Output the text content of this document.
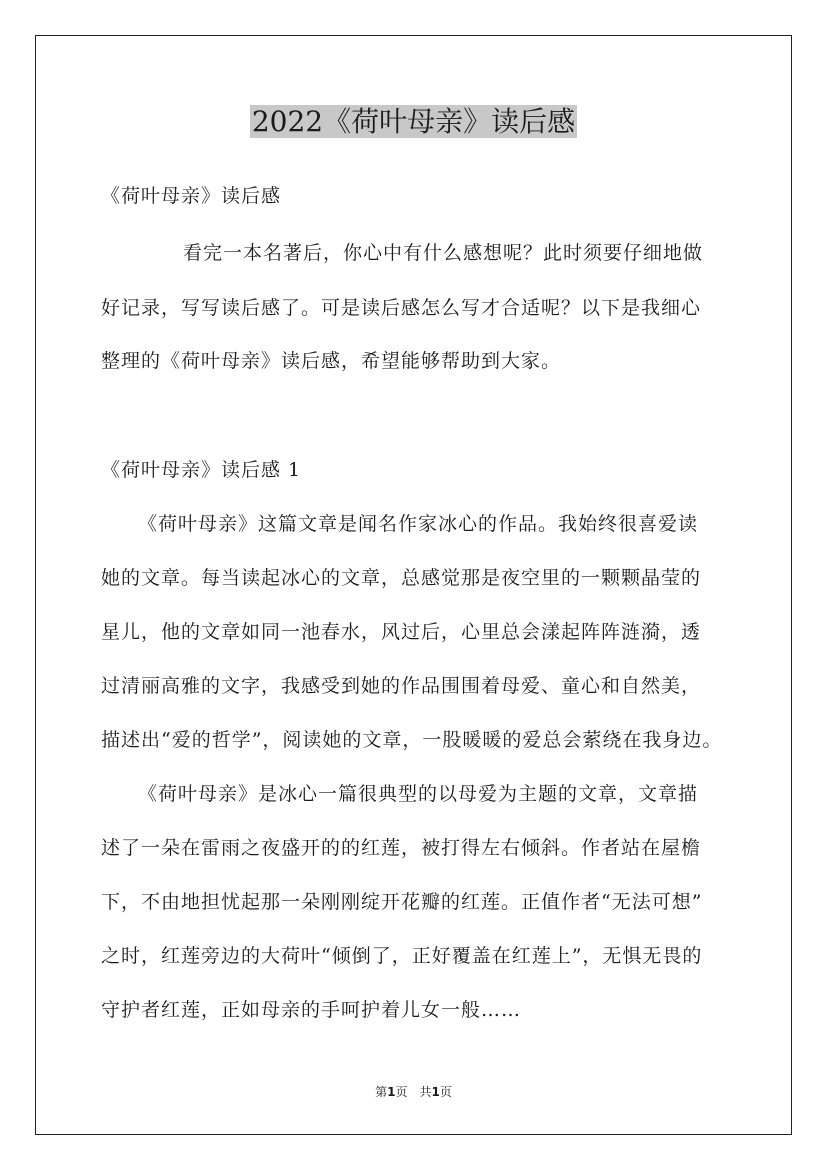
2022《荷叶母亲》读后感
《荷叶母亲》读后感
看完一本名著后，你心中有什么感想呢？此时须要仔细地做
好记录，写写读后感了。可是读后感怎么写才合适呢？以下是我细心
整理的《荷叶母亲》读后感，希望能够帮助到大家。
《荷叶母亲》读后感 1
《荷叶母亲》这篇文章是闻名作家冰心的作品。我始终很喜爱读
她的文章。每当读起冰心的文章，总感觉那是夜空里的一颗颗晶莹的
星儿，他的文章如同一池春水，风过后，心里总会漾起阵阵涟漪，透
过清丽高雅的文字，我感受到她的作品围围着母爱、童心和自然美，
描述出“爱的哲学”，阅读她的文章，一股暖暖的爱总会萦绕在我身边。
《荷叶母亲》是冰心一篇很典型的以母爱为主题的文章，文章描
述了一朵在雷雨之夜盛开的的红莲，被打得左右倾斜。作者站在屋檐
下，不由地担忧起那一朵刚刚绽开花瓣的红莲。正值作者“无法可想”
之时，红莲旁边的大荷叶“倾倒了，正好覆盖在红莲上”，无惧无畏的
守护者红莲，正如母亲的手呵护着儿女一般……
第1页　共1页
